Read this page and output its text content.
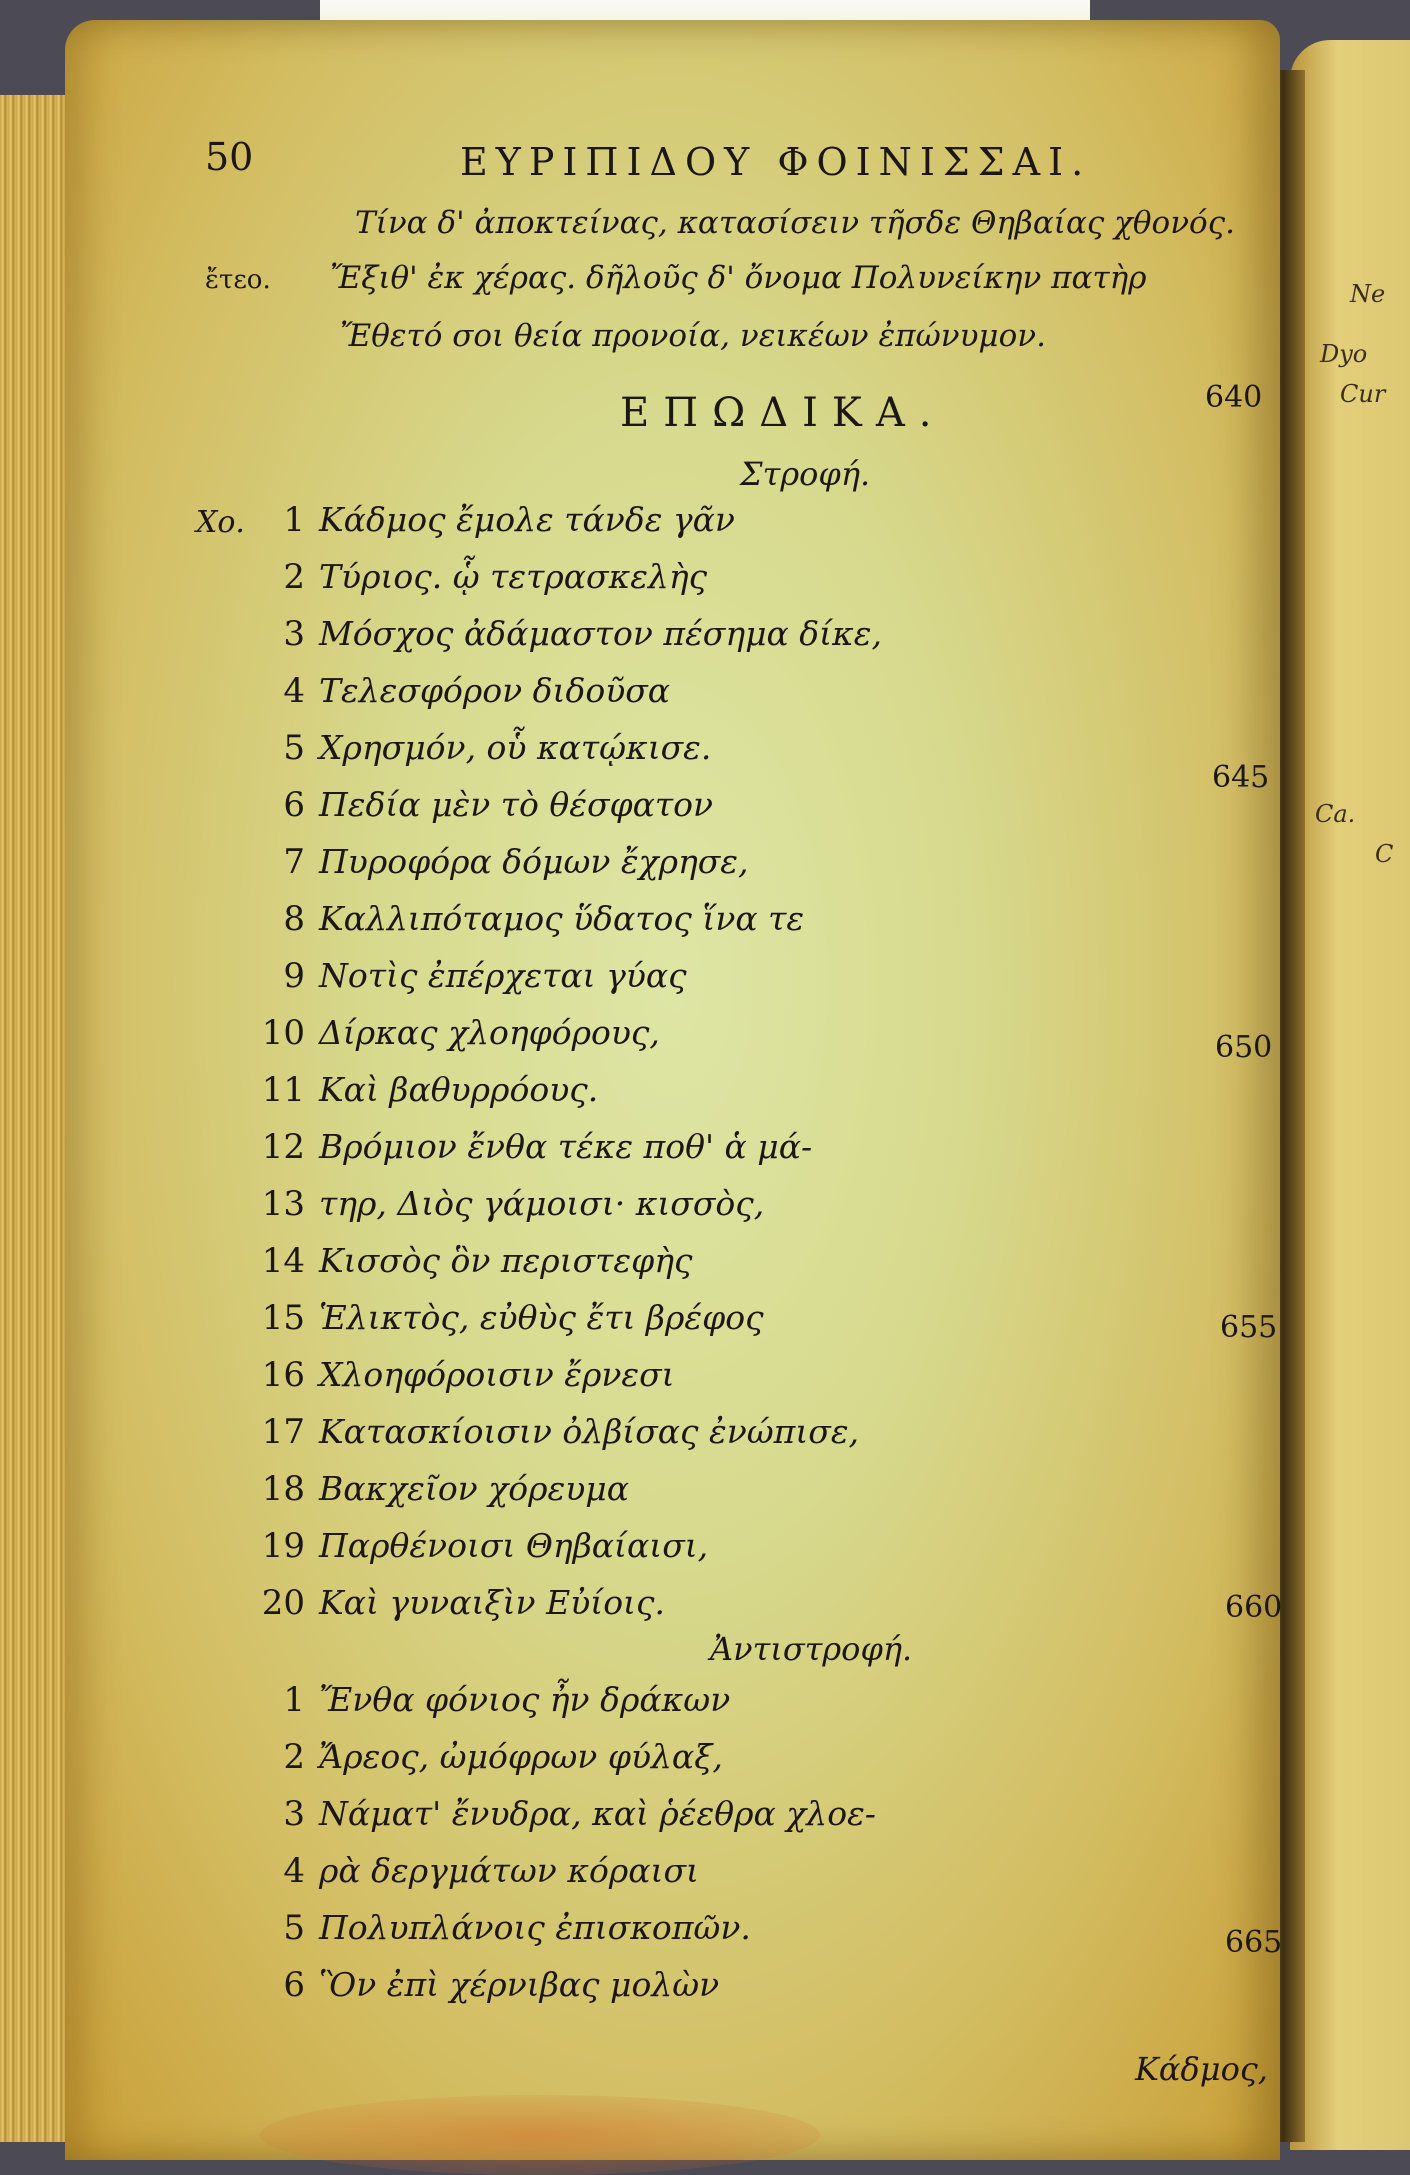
Ne
Dyo
Cur
Ca.
C
50	ΕΥΡΙΠΙΔΟΥ ΦΟΙΝΙΣΣΑΙ.
Τίνα δ' ἀποκτείνας, κατασίσειν τῆσδε Θηβαίας χθονός.
ἔτεο. Ἔξιθ' ἐκ χέρας. δῆλοῦς δ' ὄνομα Πολυνείκην πατὴρ
Ἔθετό σοι θεία προνοία, νεικέων ἐπώνυμον.
640
ΕΠΩΔΙΚΑ.
Στροφή.
Χο.	1 Κάδμος ἔμολε τάνδε γᾶν
2 Τύριος. ᾧ τετρασκελὴς
3 Μόσχος ἀδάμαστον πέσημα δίκε,
4 Τελεσφόρον διδοῦσα
5 Χρησμόν, οὗ κατῴκισε.
6 Πεδία μὲν τὸ θέσφατον
7 Πυροφόρα δόμων ἔχρησε,
8 Καλλιπόταμος ὕδατος ἵνα τε
9 Νοτὶς ἐπέρχεται γύας
10 Δίρκας χλοηφόρους,
11 Καὶ βαθυρρόους.
12 Βρόμιον ἔνθα τέκε ποθ' ἁ μά-
13 τηρ, Διὸς γάμοισι· κισσὸς,
14 Κισσὸς ὃν περιστεφὴς
15 Ἑλικτὸς, εὐθὺς ἔτι βρέφος
16 Χλοηφόροισιν ἔρνεσι
17 Κατασκίοισιν ὀλβίσας ἐνώπισε,
18 Βακχεῖον χόρευμα
19 Παρθένοισι Θηβαίαισι,
20 Καὶ γυναιξὶν Εὐίοις.
645
650
655
660
Ἀντιστροφή.
1 Ἔνθα φόνιος ἦν δράκων
2 Ἄρεος, ὠμόφρων φύλαξ,
3 Νάματ' ἔνυδρα, καὶ ῥέεθρα χλοε-
4 ρὰ δεργμάτων κόραισι
5 Πολυπλάνοις ἐπισκοπῶν.
6 Ὃν ἐπὶ χέρνιβας μολὼν
665
Κάδμος,
